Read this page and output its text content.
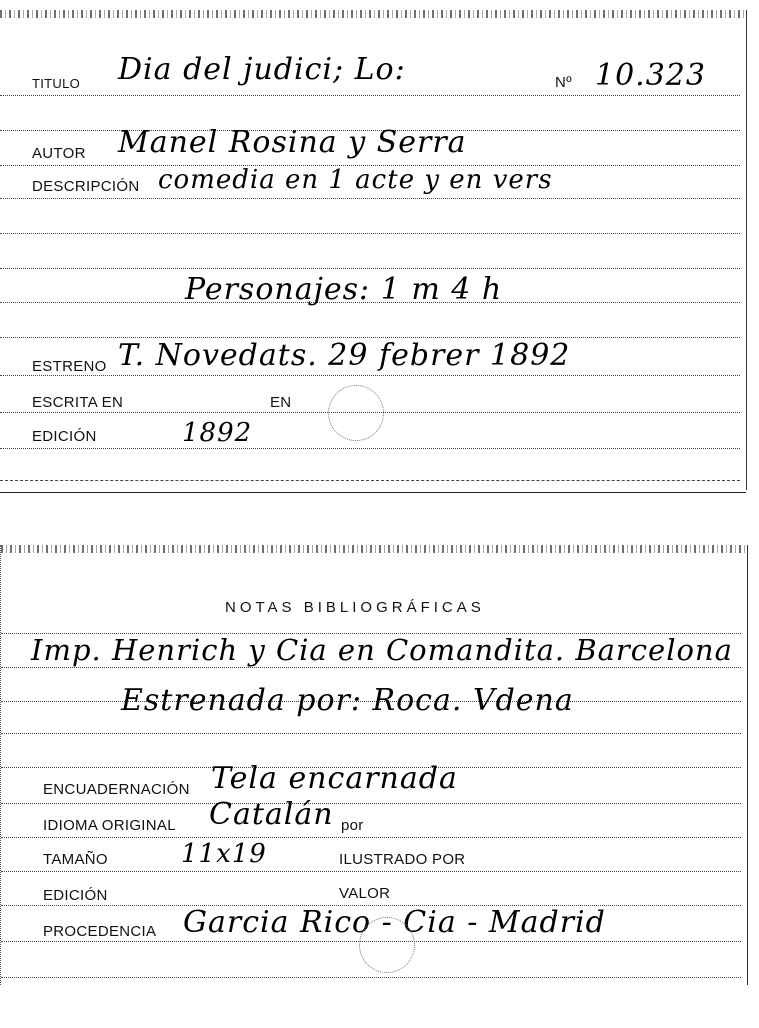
TITULO Dia del judici; Lo:	Nº 10.323
AUTOR Manel Rosina y Serra
DESCRIPCIÓN comedia en 1 acte y en vers
Personajes: 1 m 4 h
ESTRENO T. Novedats. 29 febrer 1892
ESCRITA EN	EN
EDICIÓN	1892
NOTAS BIBLIOGRÁFICAS
Imp. Henrich y Cia en Comandita. Barcelona
Estrenada por: Roca. Vdena
ENCUADERNACIÓN Tela encarnada
IDIOMA ORIGINAL Catalán por
TAMAÑO	11x19	ILUSTRADO POR
EDICIÓN	VALOR
PROCEDENCIA Garcia Rico - Cia - Madrid
